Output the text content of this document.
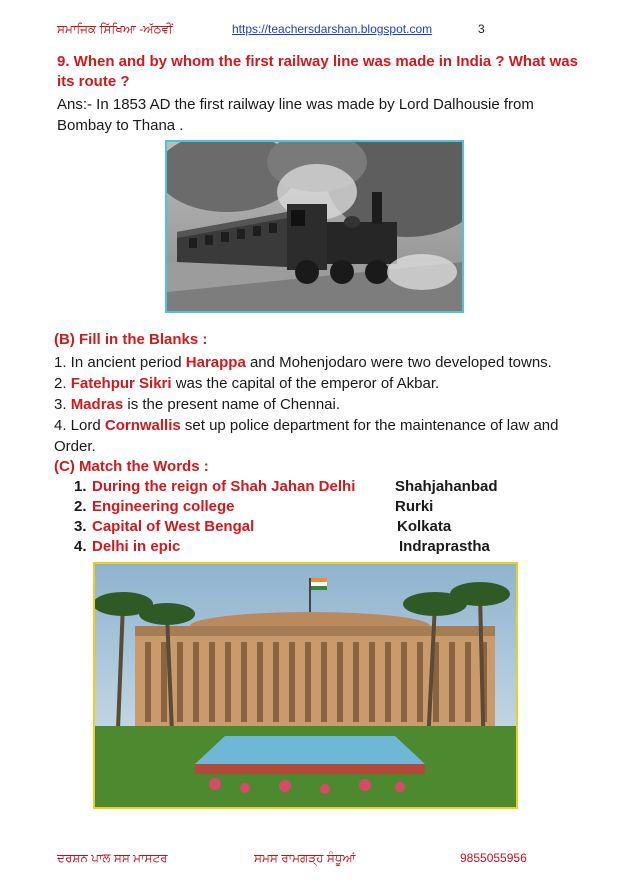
ਸਮਾਜਿਕ ਸਿੱਖਿਆ -ਅੱਠਵੀਂ	https://teachersdarshan.blogspot.com	3
9. When and by whom the first railway line was made in India ? What was
its route ?
Ans:- In 1853 AD the first railway line was made by Lord Dalhousie from
Bombay to Thana .
(B) Fill in the Blanks :
1. In ancient period Harappa and Mohenjodaro were two developed towns.
2. Fatehpur Sikri was the capital of the emperor of Akbar.
3. Madras is the present name of Chennai.
4. Lord Cornwallis set up police department for the maintenance of law and
Order.
(C) Match the Words :
1. During the reign of Shah Jahan Delhi	Shahjahanbad
2. Engineering college	Rurki
3. Capital of West Bengal	Kolkata
4. Delhi in epic	Indraprastha
ਦਰਸ਼ਨ ਪਾਲ ਸਸ ਮਾਸਟਰ	ਸਮਸ ਰਾਮਗੜ੍ਹ ਸੰਧੂਆਂ	9855055956
